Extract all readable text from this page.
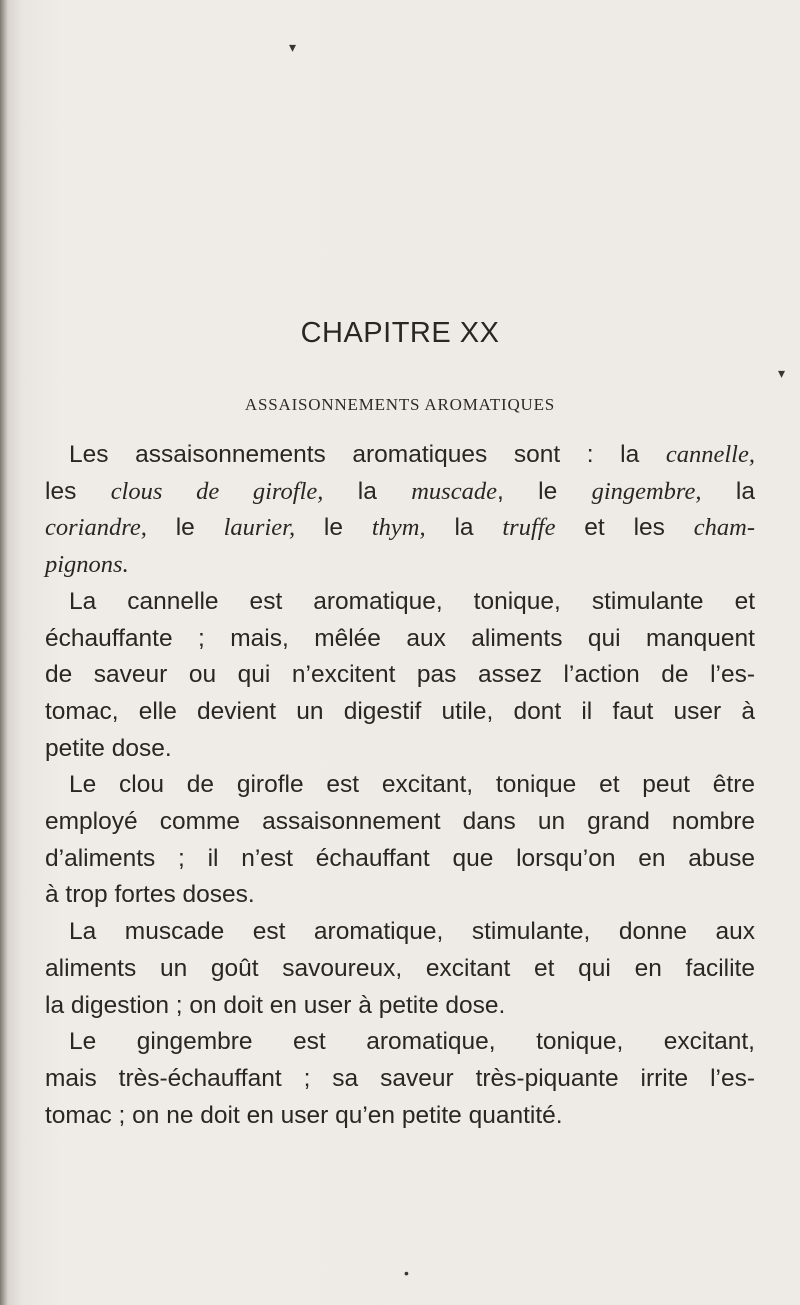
▾
▾
•
CHAPITRE XX
ASSAISONNEMENTS AROMATIQUES
Les assaisonnements aromatiques sont : la cannelle,
les clous de girofle, la muscade, le gingembre, la
coriandre, le laurier, le thym, la truffe et les cham-
pignons.
La cannelle est aromatique, tonique, stimulante et
échauffante ; mais, mêlée aux aliments qui manquent
de saveur ou qui n’excitent pas assez l’action de l’es-
tomac, elle devient un digestif utile, dont il faut user à
petite dose.
Le clou de girofle est excitant, tonique et peut être
employé comme assaisonnement dans un grand nombre
d’aliments ; il n’est échauffant que lorsqu’on en abuse
à trop fortes doses.
La muscade est aromatique, stimulante, donne aux
aliments un goût savoureux, excitant et qui en facilite
la digestion ; on doit en user à petite dose.
Le gingembre est aromatique, tonique, excitant,
mais très-échauffant ; sa saveur très-piquante irrite l’es-
tomac ; on ne doit en user qu’en petite quantité.
